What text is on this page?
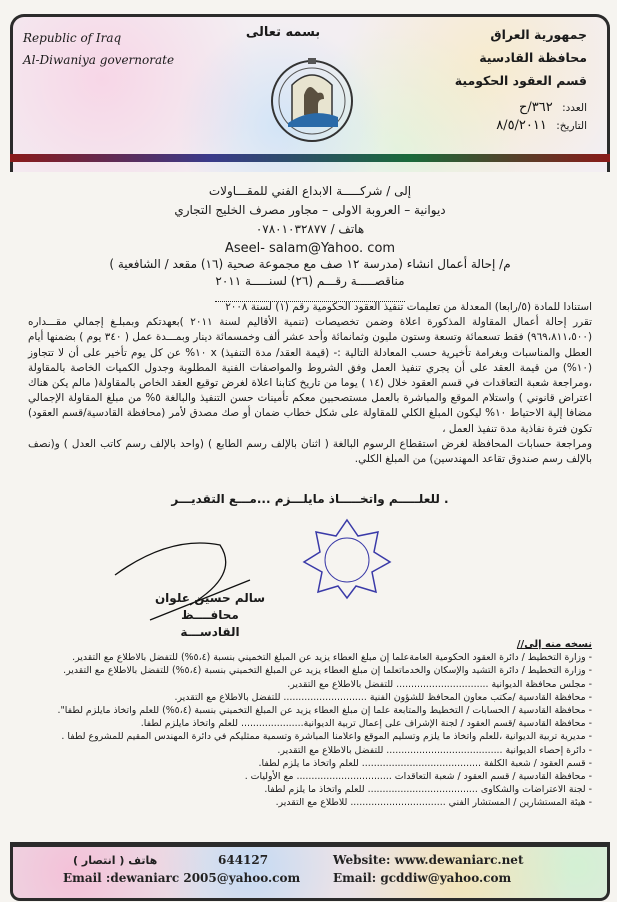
Republic of Iraq
Al-Diwaniya governorate
بسمه تعالى	جمهورية العراق
محافظة القادسية
قسم العقود الحكومية
العدد: ٣٦٢/ح
التاريخ: ٨/٥/٢٠١١
إلى / شركـــــة الابداع الفني للمقـــاولات
ديوانية – العروبة الاولى – مجاور مصرف الخليج التجاري
هاتف / ٠٧٨٠١٠٣٢٨٧٧
Aseel- salam@Yahoo. com
م/ إحالة أعمال انشاء (مدرسة ١٢ صف مع مجموعة صحية (١٦) مقعد / الشافعية )
مناقصـــــة رقـــم (٢٦) لسنـــــة ٢٠١١
استنادا للمادة (٥/رابعا) المعدلة من تعليمات تنفيذ العقود الحكومية رقم (١) لسنة ٢٠٠٨
تقرر إحالة أعمال المقاولة المذكورة اعلاة وضمن تخصيصات (تنمية الأقاليم لسنة ٢٠١١ )بعهدتكم وبمبلـغ إجمالي مقـــداره (٩٦٩،٨١١،٥٠٠) فقط تسعمائة وتسعة وستون مليون وثمانمائة وأحد عشر ألف وخمسمائة دينار وبمـــدة عمل ( ٣٤٠ يوم ) بضمنها أيام العطل والمناسبات وبغرامة تأخيرية حسب المعادلة التالية :- (قيمة العقد/ مدة التنفيذ) x ١٠% عن كل يوم تأخير على أن لا تتجاوز (١٠%) من قيمة العقد على أن يجري تنفيذ العمل وفق الشروط والمواصفات الفنية المطلوبة وجدول الكميات الخاصة بالمقاولة ،ومراجعة شعبة التعاقدات في قسم العقود خلال (١٤ ) يوما من تاريخ كتابنا اعلاة لغرض توقيع العقد الخاص بالمقاولة( مالم يكن هناك اعتراض قانوني ) واستلام الموقع والمباشرة بالعمل مستصحبين معكم تأمينات حسن التنفيذ والبالغة ٥% من مبلغ المقاولة الإجمالي مضافا إلية الاحتياط ١٠% ليكون المبلغ الكلي للمقاولة على شكل خطاب ضمان أو صك مصدق لأمر (محافظة القادسية/قسم العقود) تكون فترة نفاذية مدة تنفيذ العمل ،
ومراجعة حسابات المحافظة لغرض استقطاع الرسوم البالغة ( اثنان بالإلف رسم الطابع ) (واحد بالإلف رسم كاتب العدل ) و(نصف بالإلف رسم صندوق تقاعد المهندسين) من المبلغ الكلي.
. للعلـــــم واتخـــــاذ مايلـــزم ...مـــع التقديـــر
سالم حسين علوان
محافــــظ القادســـة
نسخه منه إلى//
- وزارة التخطيط / دائرة العقود الحكومية العامةعلما إن مبلغ العطاء يزيد عن المبلغ التخميني بنسبة (٥،٤%) للتفضل بالاطلاع مع التقدير.
- وزارة التخطيط / دائرة التشيد والإسكان والخدماتعلما إن مبلغ العطاء يزيد عن المبلغ التخميني بنسبة (٥،٤%) للتفضل بالاطلاع مع التقدير.
- مجلس محافظة الديوانية ............................... للتفضل بالاطلاع مع التقدير.
- محافظة القادسية /مكتب معاون المحافظ للشؤون الفنية ............................ للتفضل بالاطلاع مع التقدير.
- محافظة القادسية / الحسابات / التخطيط والمتابعة علما إن مبلغ العطاء يزيد عن المبلغ التخميني بنسبة (٥،٤%) للعلم واتخاذ مايلزم لطفا".
- محافظة القادسية /قسم العقود / لجنة الإشراف على إعمال تربية الديوانية..................... للعلم واتخاذ مايلزم لطفا.
- مديرية تربية الديوانية ،للعلم واتخاذ ما يلزم وتسليم الموقع واعلامنا المباشرة وتسمية ممثليكم في دائرة المهندس المقيم للمشروع لطفا .
- دائرة إحصاء الديوانية ....................................... للتفضل بالاطلاع مع التقدير.
- قسم العقود / شعبة الكلفة ........................................ للعلم واتخاذ ما يلزم لطفا.
- محافظة القادسية / قسم العقود / شعبة التعاقدات ................................ مع الأوليات .
- لجنة الاعتراضات والشكاوى ..................................... للعلم واتخاذ ما يلزم لطفا.
- هيئة المستشارين / المستشار الفني ................................ للاطلاع مع التقدير.
هاتف ( انتصار )	644127	Website: www.dewaniarc.net
Email :dewaniarc 2005@yahoo.com	Email: gcddiw@yahoo.com
